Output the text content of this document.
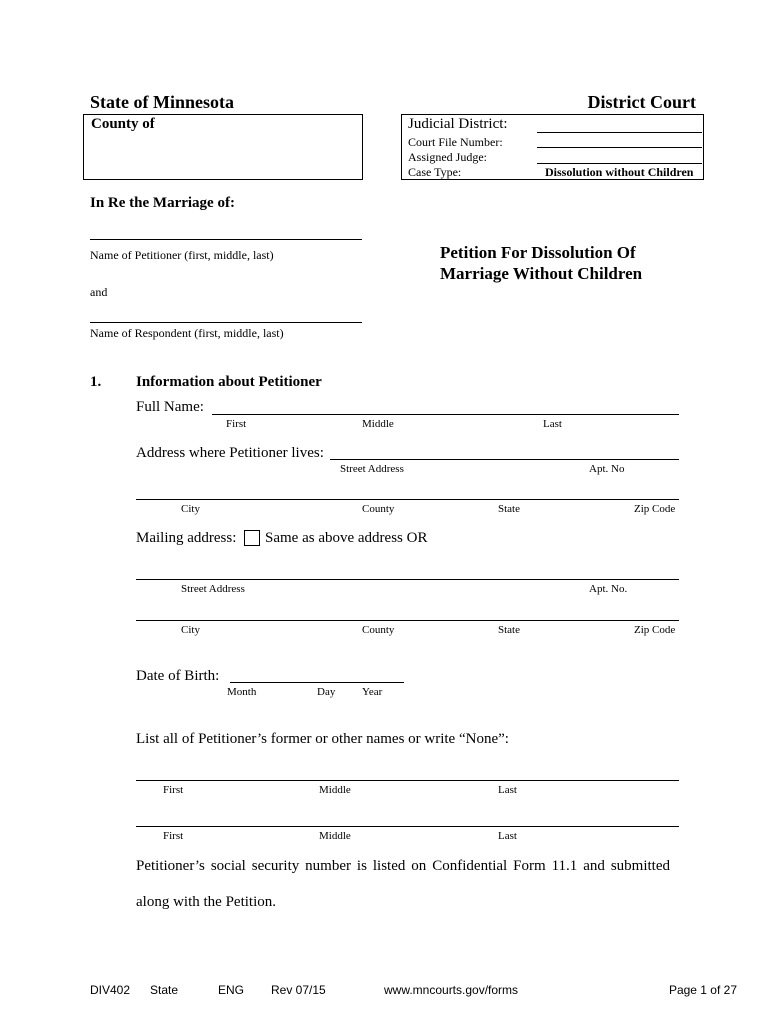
State of Minnesota	District Court
County of	Judicial District:
Court File Number:
Assigned Judge:
Case Type:	Dissolution without Children
In Re the Marriage of:
Name of Petitioner (first, middle, last)
and
Name of Respondent (first, middle, last)
Petition For Dissolution Of
Marriage Without Children
1. Information about Petitioner
Full Name:
First	Middle	Last
Address where Petitioner lives:
Street Address	Apt. No
City	County	State	Zip Code
Mailing address: Same as above address OR
Street Address	Apt. No.
City	County	State	Zip Code
Date of Birth:
Month	Day Year
List all of Petitioner’s former or other names or write “None”:
First	Middle	Last
First	Middle	Last
Petitioner’s social security number is listed on Confidential Form 11.1 and submitted
along with the Petition.
DIV402 State	ENG Rev 07/15	www.mncourts.gov/forms	Page 1 of 27
